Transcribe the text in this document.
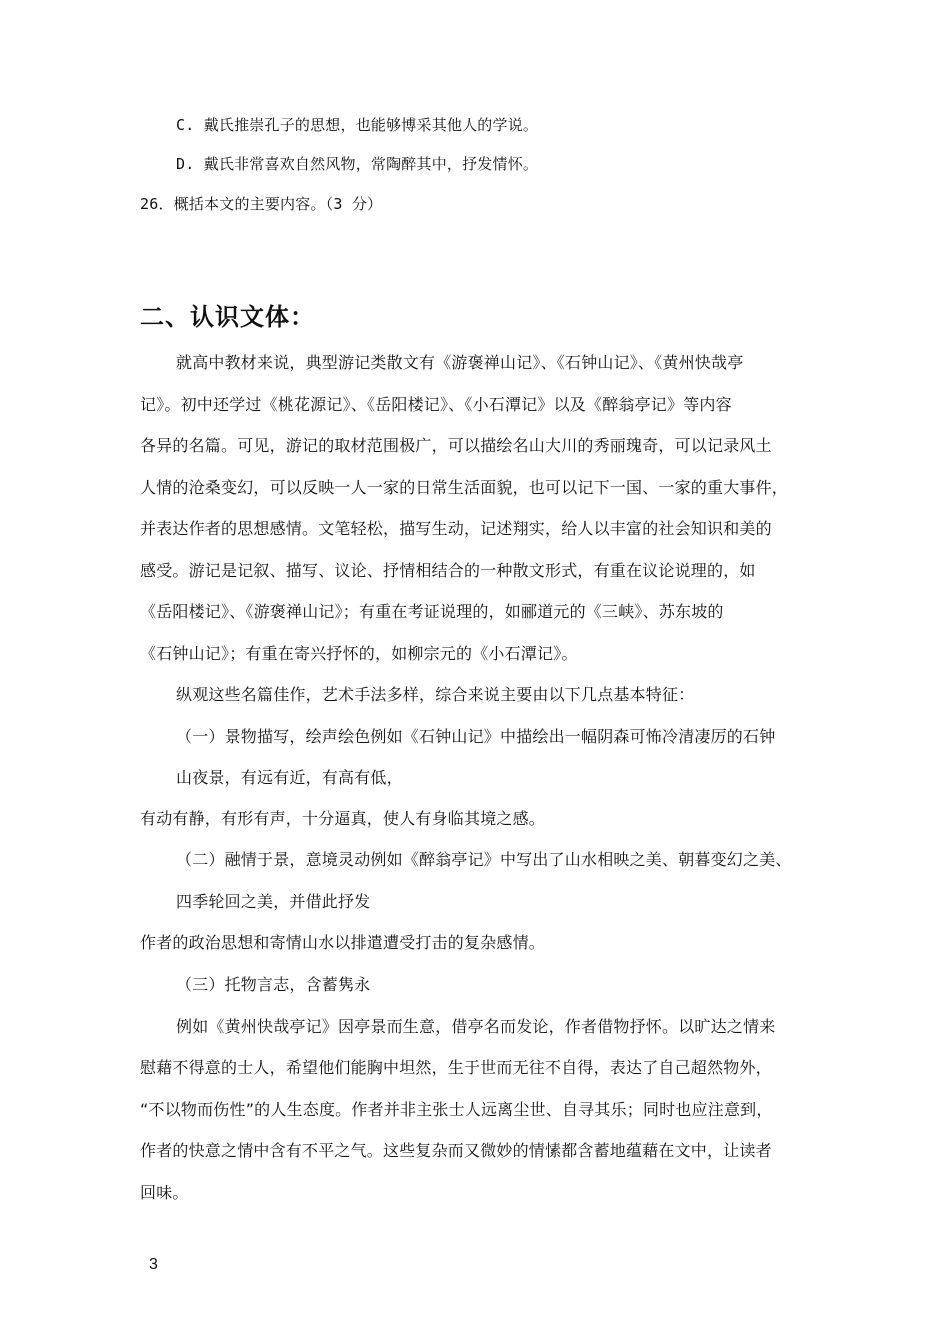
C. 戴氏推崇孔子的思想，也能够博采其他人的学说。
D. 戴氏非常喜欢自然风物，常陶醉其中，抒发情怀。
26．概括本文的主要内容。（3 分）
二、认识文体：
就高中教材来说，典型游记类散文有《游褒禅山记》、《石钟山记》、《黄州快哉亭
记》。初中还学过《桃花源记》、《岳阳楼记》、《小石潭记》以及《醉翁亭记》等内容
各异的名篇。可见，游记的取材范围极广，可以描绘名山大川的秀丽瑰奇，可以记录风土
人情的沧桑变幻，可以反映一人一家的日常生活面貌，也可以记下一国、一家的重大事件，
并表达作者的思想感情。文笔轻松，描写生动，记述翔实，给人以丰富的社会知识和美的
感受。游记是记叙、描写、议论、抒情相结合的一种散文形式，有重在议论说理的，如
《岳阳楼记》、《游褒禅山记》；有重在考证说理的，如郦道元的《三峡》、苏东坡的
《石钟山记》；有重在寄兴抒怀的，如柳宗元的《小石潭记》。
纵观这些名篇佳作，艺术手法多样，综合来说主要由以下几点基本特征：
（一）景物描写，绘声绘色例如《石钟山记》中描绘出一幅阴森可怖冷清凄厉的石钟
山夜景，有远有近，有高有低，
有动有静，有形有声，十分逼真，使人有身临其境之感。
（二）融情于景，意境灵动例如《醉翁亭记》中写出了山水相映之美、朝暮变幻之美、
四季轮回之美，并借此抒发
作者的政治思想和寄情山水以排遣遭受打击的复杂感情。
（三）托物言志，含蓄隽永
例如《黄州快哉亭记》因亭景而生意，借亭名而发论，作者借物抒怀。以旷达之情来
慰藉不得意的士人，希望他们能胸中坦然，生于世而无往不自得，表达了自己超然物外，
“不以物而伤性”的人生态度。作者并非主张士人远离尘世、自寻其乐；同时也应注意到，
作者的快意之情中含有不平之气。这些复杂而又微妙的情愫都含蓄地蕴藉在文中，让读者
回味。
3
